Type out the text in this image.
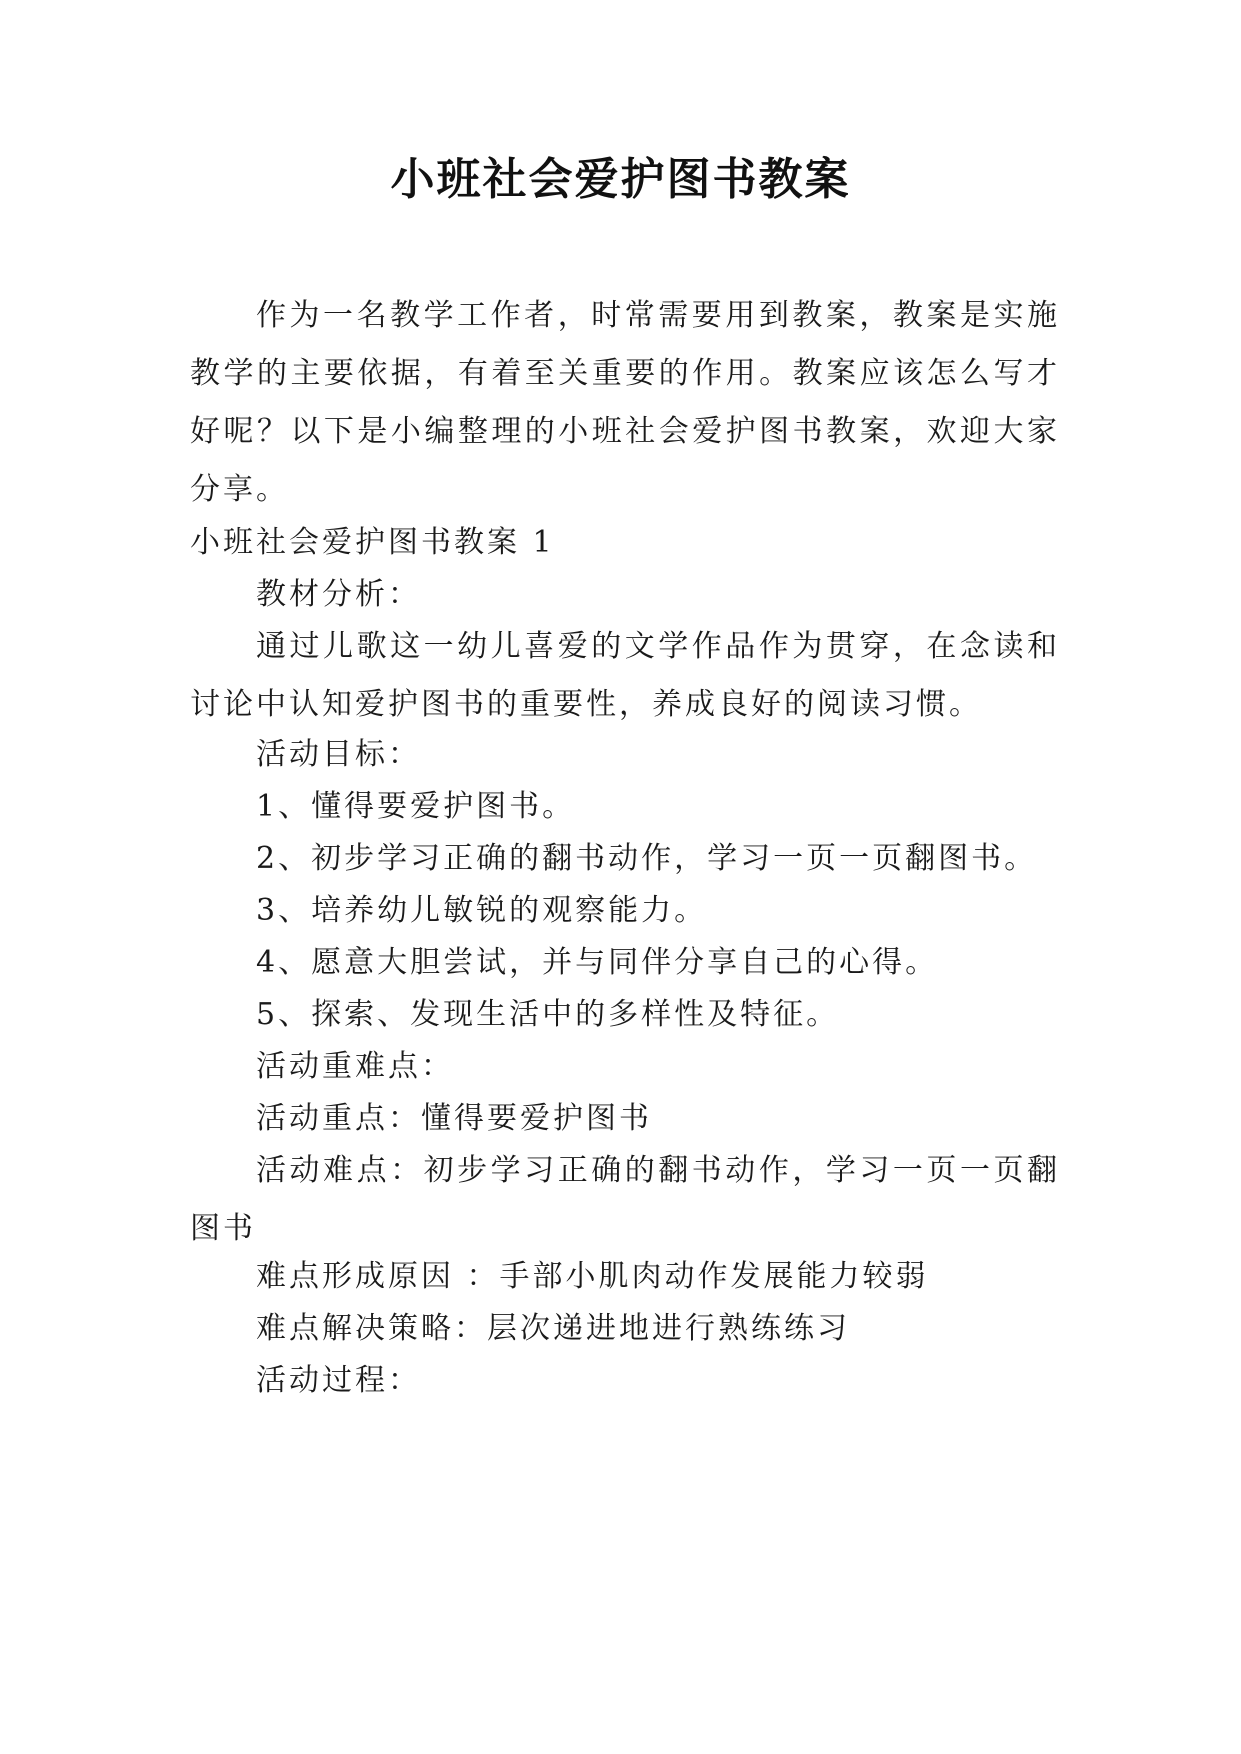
小班社会爱护图书教案
作为一名教学工作者，时常需要用到教案，教案是实施教学的主要依据，有着至关重要的作用。教案应该怎么写才好呢？以下是小编整理的小班社会爱护图书教案，欢迎大家分享。
小班社会爱护图书教案 1
教材分析：
通过儿歌这一幼儿喜爱的文学作品作为贯穿，在念读和讨论中认知爱护图书的重要性，养成良好的阅读习惯。
活动目标：
1、懂得要爱护图书。
2、初步学习正确的翻书动作，学习一页一页翻图书。
3、培养幼儿敏锐的观察能力。
4、愿意大胆尝试，并与同伴分享自己的心得。
5、探索、发现生活中的多样性及特征。
活动重难点：
活动重点：懂得要爱护图书
活动难点：初步学习正确的翻书动作，学习一页一页翻图书
难点形成原因 ：手部小肌肉动作发展能力较弱
难点解决策略：层次递进地进行熟练练习
活动过程：
